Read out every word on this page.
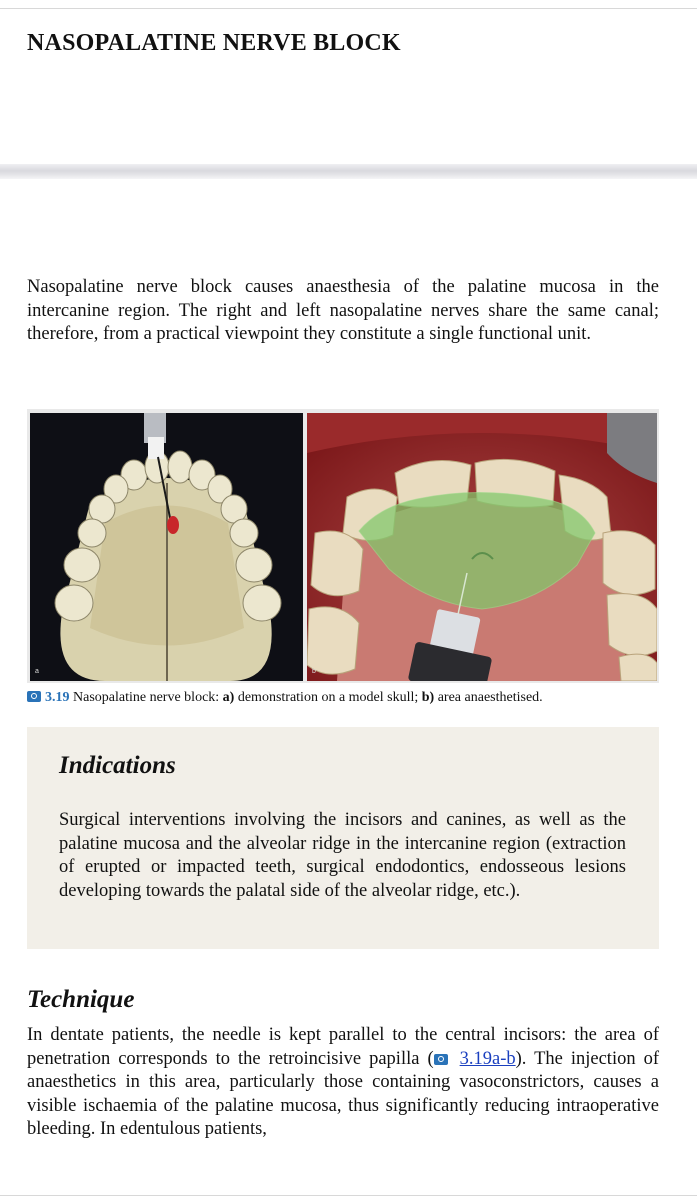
NASOPALATINE NERVE BLOCK

Nasopalatine nerve block causes anaesthesia of the palatine mucosa in the intercanine region. The right and left nasopalatine nerves share the same canal; therefore, from a practical viewpoint they constitute a single functional unit.

a	b

3.19 Nasopalatine nerve block: a) demonstration on a model skull; b) area anaesthetised.

Indications

Surgical interventions involving the incisors and canines, as well as the palatine mucosa and the alveolar ridge in the intercanine region (extraction of erupted or impacted teeth, surgical endodontics, endosseous lesions developing towards the palatal side of the alveolar ridge, etc.).

Technique

In dentate patients, the needle is kept parallel to the central incisors: the area of penetration corresponds to the retroincisive papilla ( 3.19a-b). The injection of anaesthetics in this area, particularly those containing vasoconstrictors, causes a visible ischaemia of the palatine mucosa, thus significantly reducing intraoperative bleeding. In edentulous patients,
